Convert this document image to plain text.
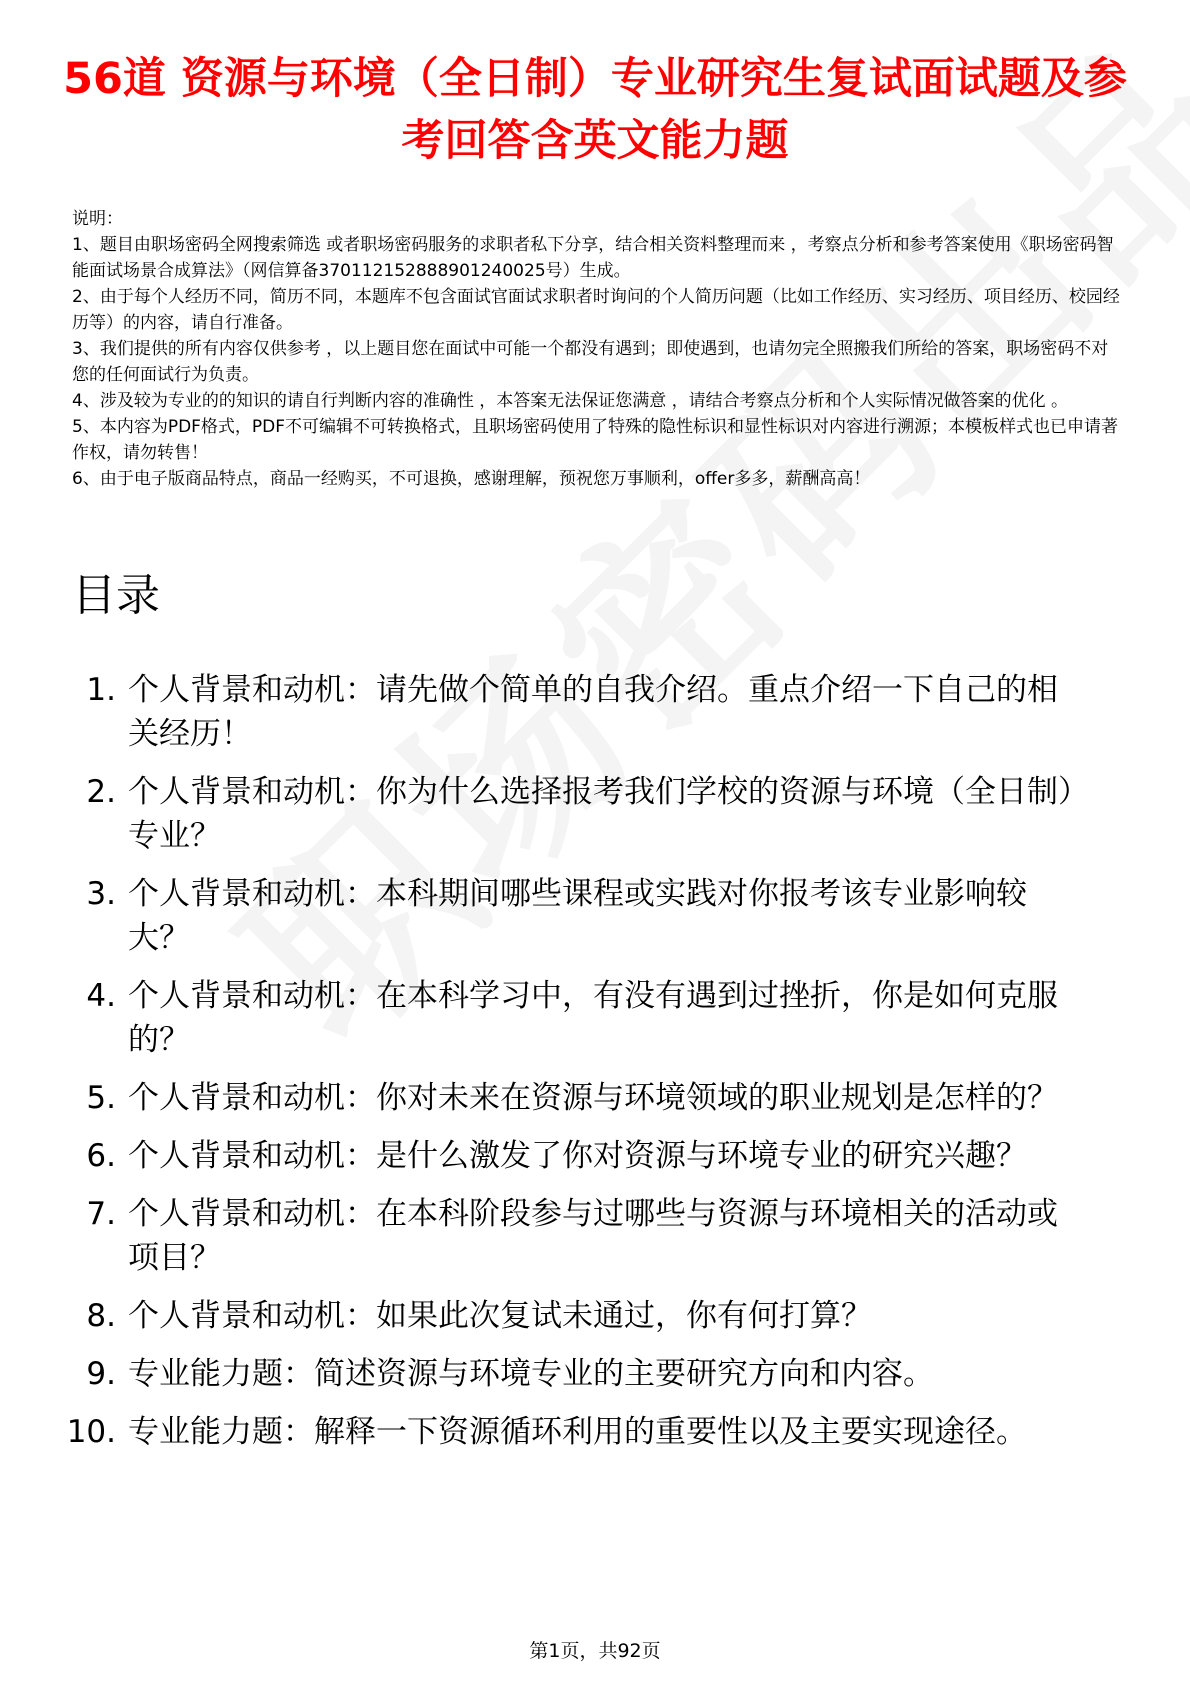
56道 资源与环境（全日制）专业研究生复试面试题及参考回答含英文能力题

说明：

1、题目由职场密码全网搜索筛选 或者职场密码服务的求职者私下分享，结合相关资料整理而来 ，考察点分析和参考答案使用《职场密码智能面试场景合成算法》（网信算备370112152888901240025号）生成。

2、由于每个人经历不同，简历不同，本题库不包含面试官面试求职者时询问的个人简历问题（比如工作经历、实习经历、项目经历、校园经历等）的内容，请自行准备。

3、我们提供的所有内容仅供参考 ，以上题目您在面试中可能一个都没有遇到；即使遇到，也请勿完全照搬我们所给的答案，职场密码不对您的任何面试行为负责。

4、涉及较为专业的的知识的请自行判断内容的准确性 ，本答案无法保证您满意 ，请结合考察点分析和个人实际情况做答案的优化 。

5、本内容为PDF格式，PDF不可编辑不可转换格式，且职场密码使用了特殊的隐性标识和显性标识对内容进行溯源；本模板样式也已申请著作权，请勿转售！

6、由于电子版商品特点，商品一经购买，不可退换，感谢理解，预祝您万事顺利，offer多多，薪酬高高！

目录
1. 个人背景和动机：请先做个简单的自我介绍。重点介绍一下自己的相关经历！
2. 个人背景和动机：你为什么选择报考我们学校的资源与环境（全日制）专业？
3. 个人背景和动机：本科期间哪些课程或实践对你报考该专业影响较大？
4. 个人背景和动机：在本科学习中，有没有遇到过挫折，你是如何克服的？
5. 个人背景和动机：你对未来在资源与环境领域的职业规划是怎样的？
6. 个人背景和动机：是什么激发了你对资源与环境专业的研究兴趣？
7. 个人背景和动机：在本科阶段参与过哪些与资源与环境相关的活动或项目？
8. 个人背景和动机：如果此次复试未通过，你有何打算？
9. 专业能力题：简述资源与环境专业的主要研究方向和内容。
10. 专业能力题：解释一下资源循环利用的重要性以及主要实现途径。
第1页，共92页
